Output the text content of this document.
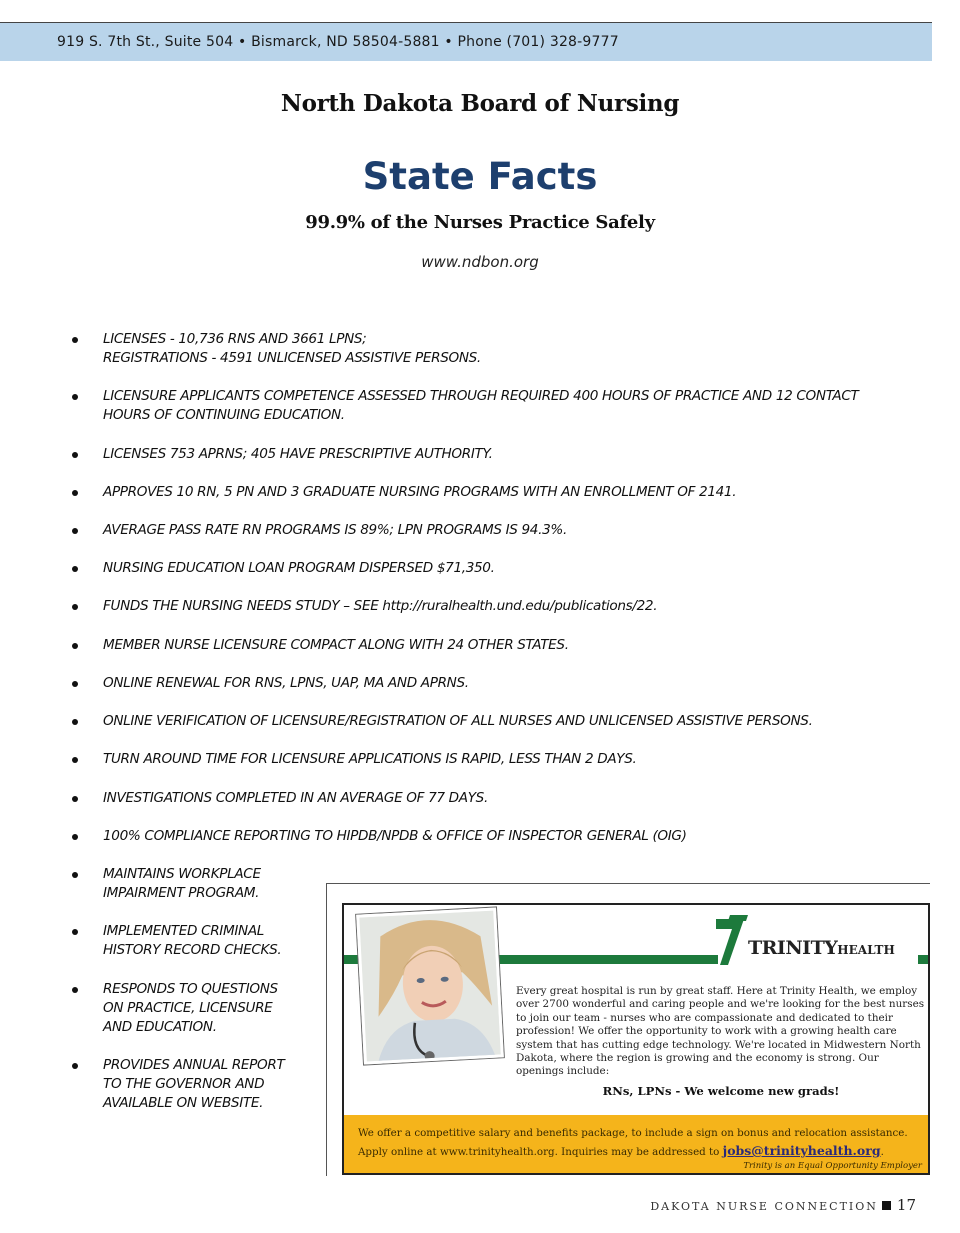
919 S. 7th St., Suite 504 • Bismarck, ND 58504-5881 • Phone (701) 328-9777
North Dakota Board of Nursing
State Facts
99.9% of the Nurses Practice Safely
www.ndbon.org
LICENSES - 10,736 RNS AND 3661 LPNS;
REGISTRATIONS - 4591 UNLICENSED ASSISTIVE PERSONS.
LICENSURE APPLICANTS COMPETENCE ASSESSED THROUGH REQUIRED 400 HOURS OF PRACTICE AND 12 CONTACT
HOURS OF CONTINUING EDUCATION.
LICENSES 753 APRNS; 405 HAVE PRESCRIPTIVE AUTHORITY.
APPROVES 10 RN, 5 PN AND 3 GRADUATE NURSING PROGRAMS WITH AN ENROLLMENT OF 2141.
AVERAGE PASS RATE RN PROGRAMS IS 89%; LPN PROGRAMS IS 94.3%.
NURSING EDUCATION LOAN PROGRAM DISPERSED $71,350.
FUNDS THE NURSING NEEDS STUDY – SEE http://ruralhealth.und.edu/publications/22.
MEMBER NURSE LICENSURE COMPACT ALONG WITH 24 OTHER STATES.
ONLINE RENEWAL FOR RNS, LPNS, UAP, MA AND APRNS.
ONLINE VERIFICATION OF LICENSURE/REGISTRATION OF ALL NURSES AND UNLICENSED ASSISTIVE PERSONS.
TURN AROUND TIME FOR LICENSURE APPLICATIONS IS RAPID, LESS THAN 2 DAYS.
INVESTIGATIONS COMPLETED IN AN AVERAGE OF 77 DAYS.
100% COMPLIANCE REPORTING TO HIPDB/NPDB & OFFICE OF INSPECTOR GENERAL (OIG)
MAINTAINS WORKPLACE
IMPAIRMENT PROGRAM.
IMPLEMENTED CRIMINAL
HISTORY RECORD CHECKS.
RESPONDS TO QUESTIONS
ON PRACTICE, LICENSURE
AND EDUCATION.
PROVIDES ANNUAL REPORT
TO THE GOVERNOR AND
AVAILABLE ON WEBSITE.
TRINITYHEALTH
Every great hospital is run by great staff. Here at Trinity Health, we employ over 2700 wonderful and caring people and we're looking for the best nurses to join our team - nurses who are compassionate and dedicated to their profession! We offer the opportunity to work with a growing health care system that has cutting edge technology. We're located in Midwestern North Dakota, where the region is growing and the economy is strong. Our openings include:
RNs, LPNs - We welcome new grads!
We offer a competitive salary and benefits package, to include a sign on bonus and relocation assistance. Apply online at www.trinityhealth.org. Inquiries may be addressed to jobs@trinityhealth.org.
Trinity is an Equal Opportunity Employer
DAKOTA NURSE CONNECTION 17
